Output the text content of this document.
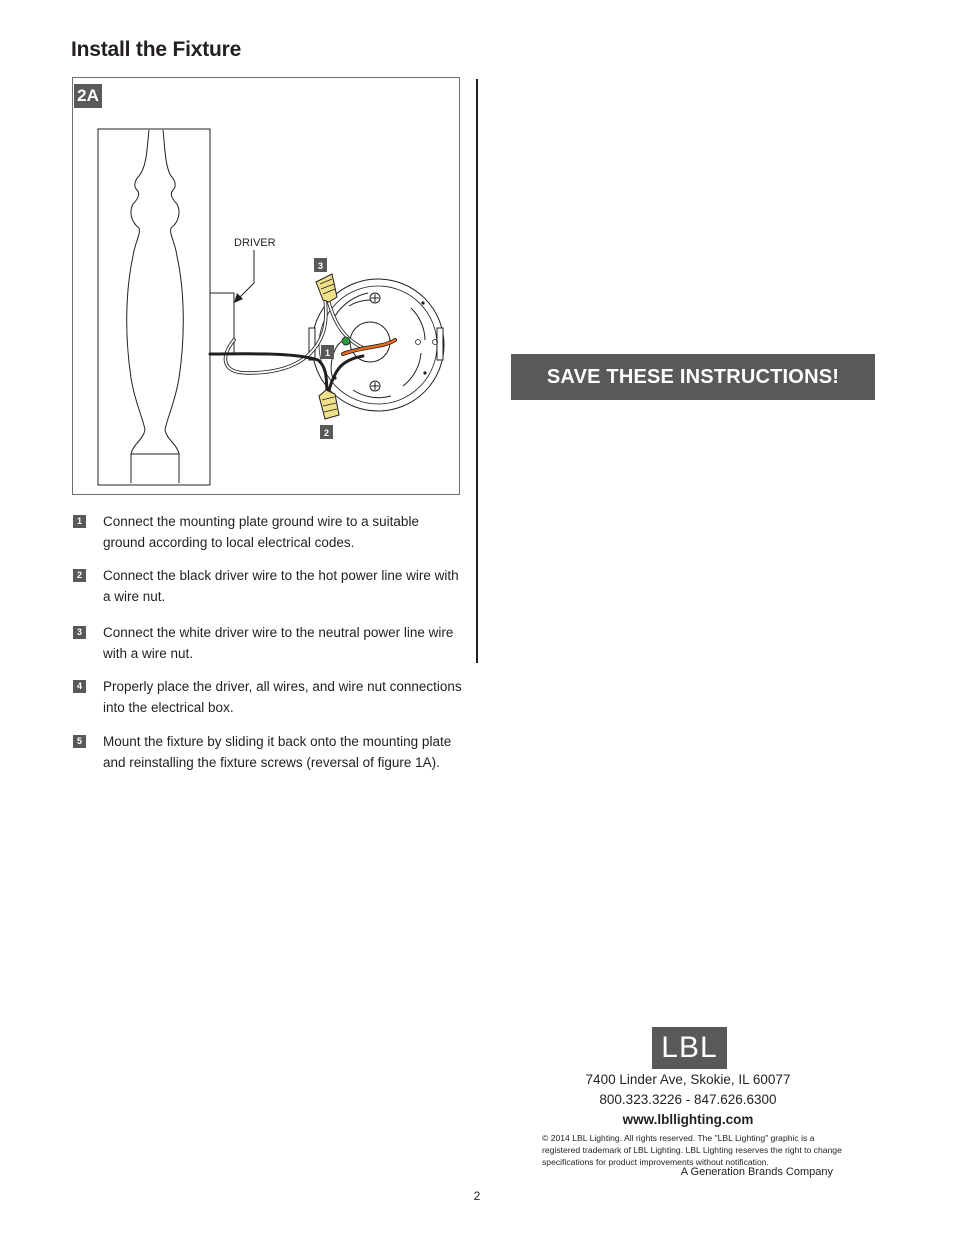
Install the Fixture
3
1
2
2A
DRIVER
1 Connect the mounting plate ground wire to a suitable ground according to local electrical codes.
2 Connect the black driver wire to the hot power line wire with a wire nut.
3 Connect the white driver wire to the neutral power line wire with a wire nut.
4 Properly place the driver, all wires, and wire nut connections into the electrical box.
5 Mount the fixture by sliding it back onto the mounting plate and reinstalling the fixture screws (reversal of figure 1A).
SAVE THESE INSTRUCTIONS!
LBL
7400 Linder Ave, Skokie, IL 60077
800.323.3226 - 847.626.6300
www.lbllighting.com
© 2014 LBL Lighting. All rights reserved. The "LBL Lighting" graphic is a registered trademark of LBL Lighting. LBL Lighting reserves the right to change specifications for product improvements without notification.
A Generation Brands Company
2
